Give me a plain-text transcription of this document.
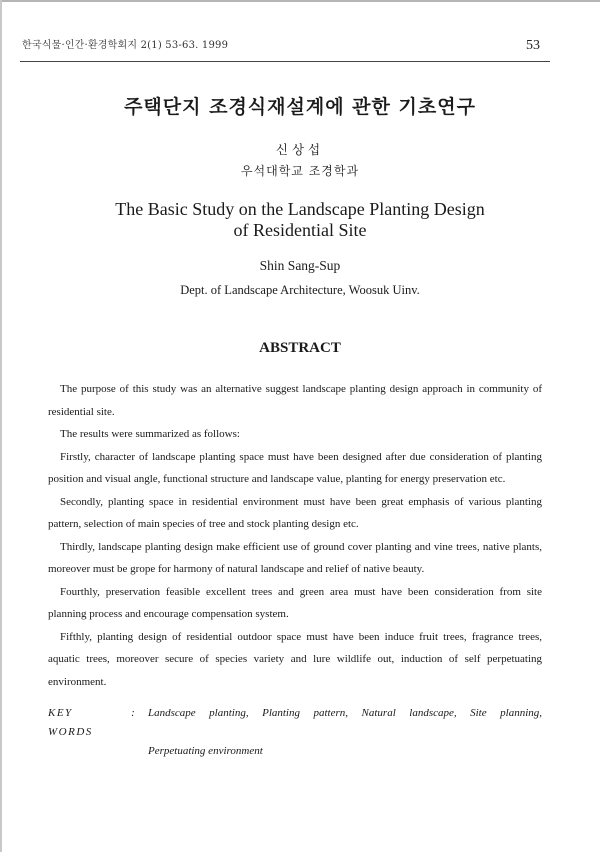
한국식물·인간·환경학회지 2(1) 53-63. 1999	53
주택단지 조경식재설계에 관한 기초연구
신상섭
우석대학교 조경학과
The Basic Study on the Landscape Planting Design
of Residential Site
Shin Sang-Sup
Dept. of Landscape Architecture, Woosuk Uinv.
ABSTRACT

The purpose of this study was an alternative suggest landscape planting design approach in community of residential site.

The results were summarized as follows:

Firstly, character of landscape planting space must have been designed after due consideration of planting position and visual angle, functional structure and landscape value, planting for energy preservation etc.

Secondly, planting space in residential environment must have been great emphasis of various planting pattern, selection of main species of tree and stock planting design etc.

Thirdly, landscape planting design make efficient use of ground cover planting and vine trees, native plants, moreover must be grope for harmony of natural landscape and relief of native beauty.

Fourthly, preservation feasible excellent trees and green area must have been consideration from site planning process and encourage compensation system.

Fifthly, planting design of residential outdoor space must have been induce fruit trees, fragrance trees, aquatic trees, moreover secure of species variety and lure wildlife out, induction of self perpetuating environment.

KEY WORDS
:	Landscape planting, Planting pattern, Natural landscape, Site planning,
Perpetuating environment
